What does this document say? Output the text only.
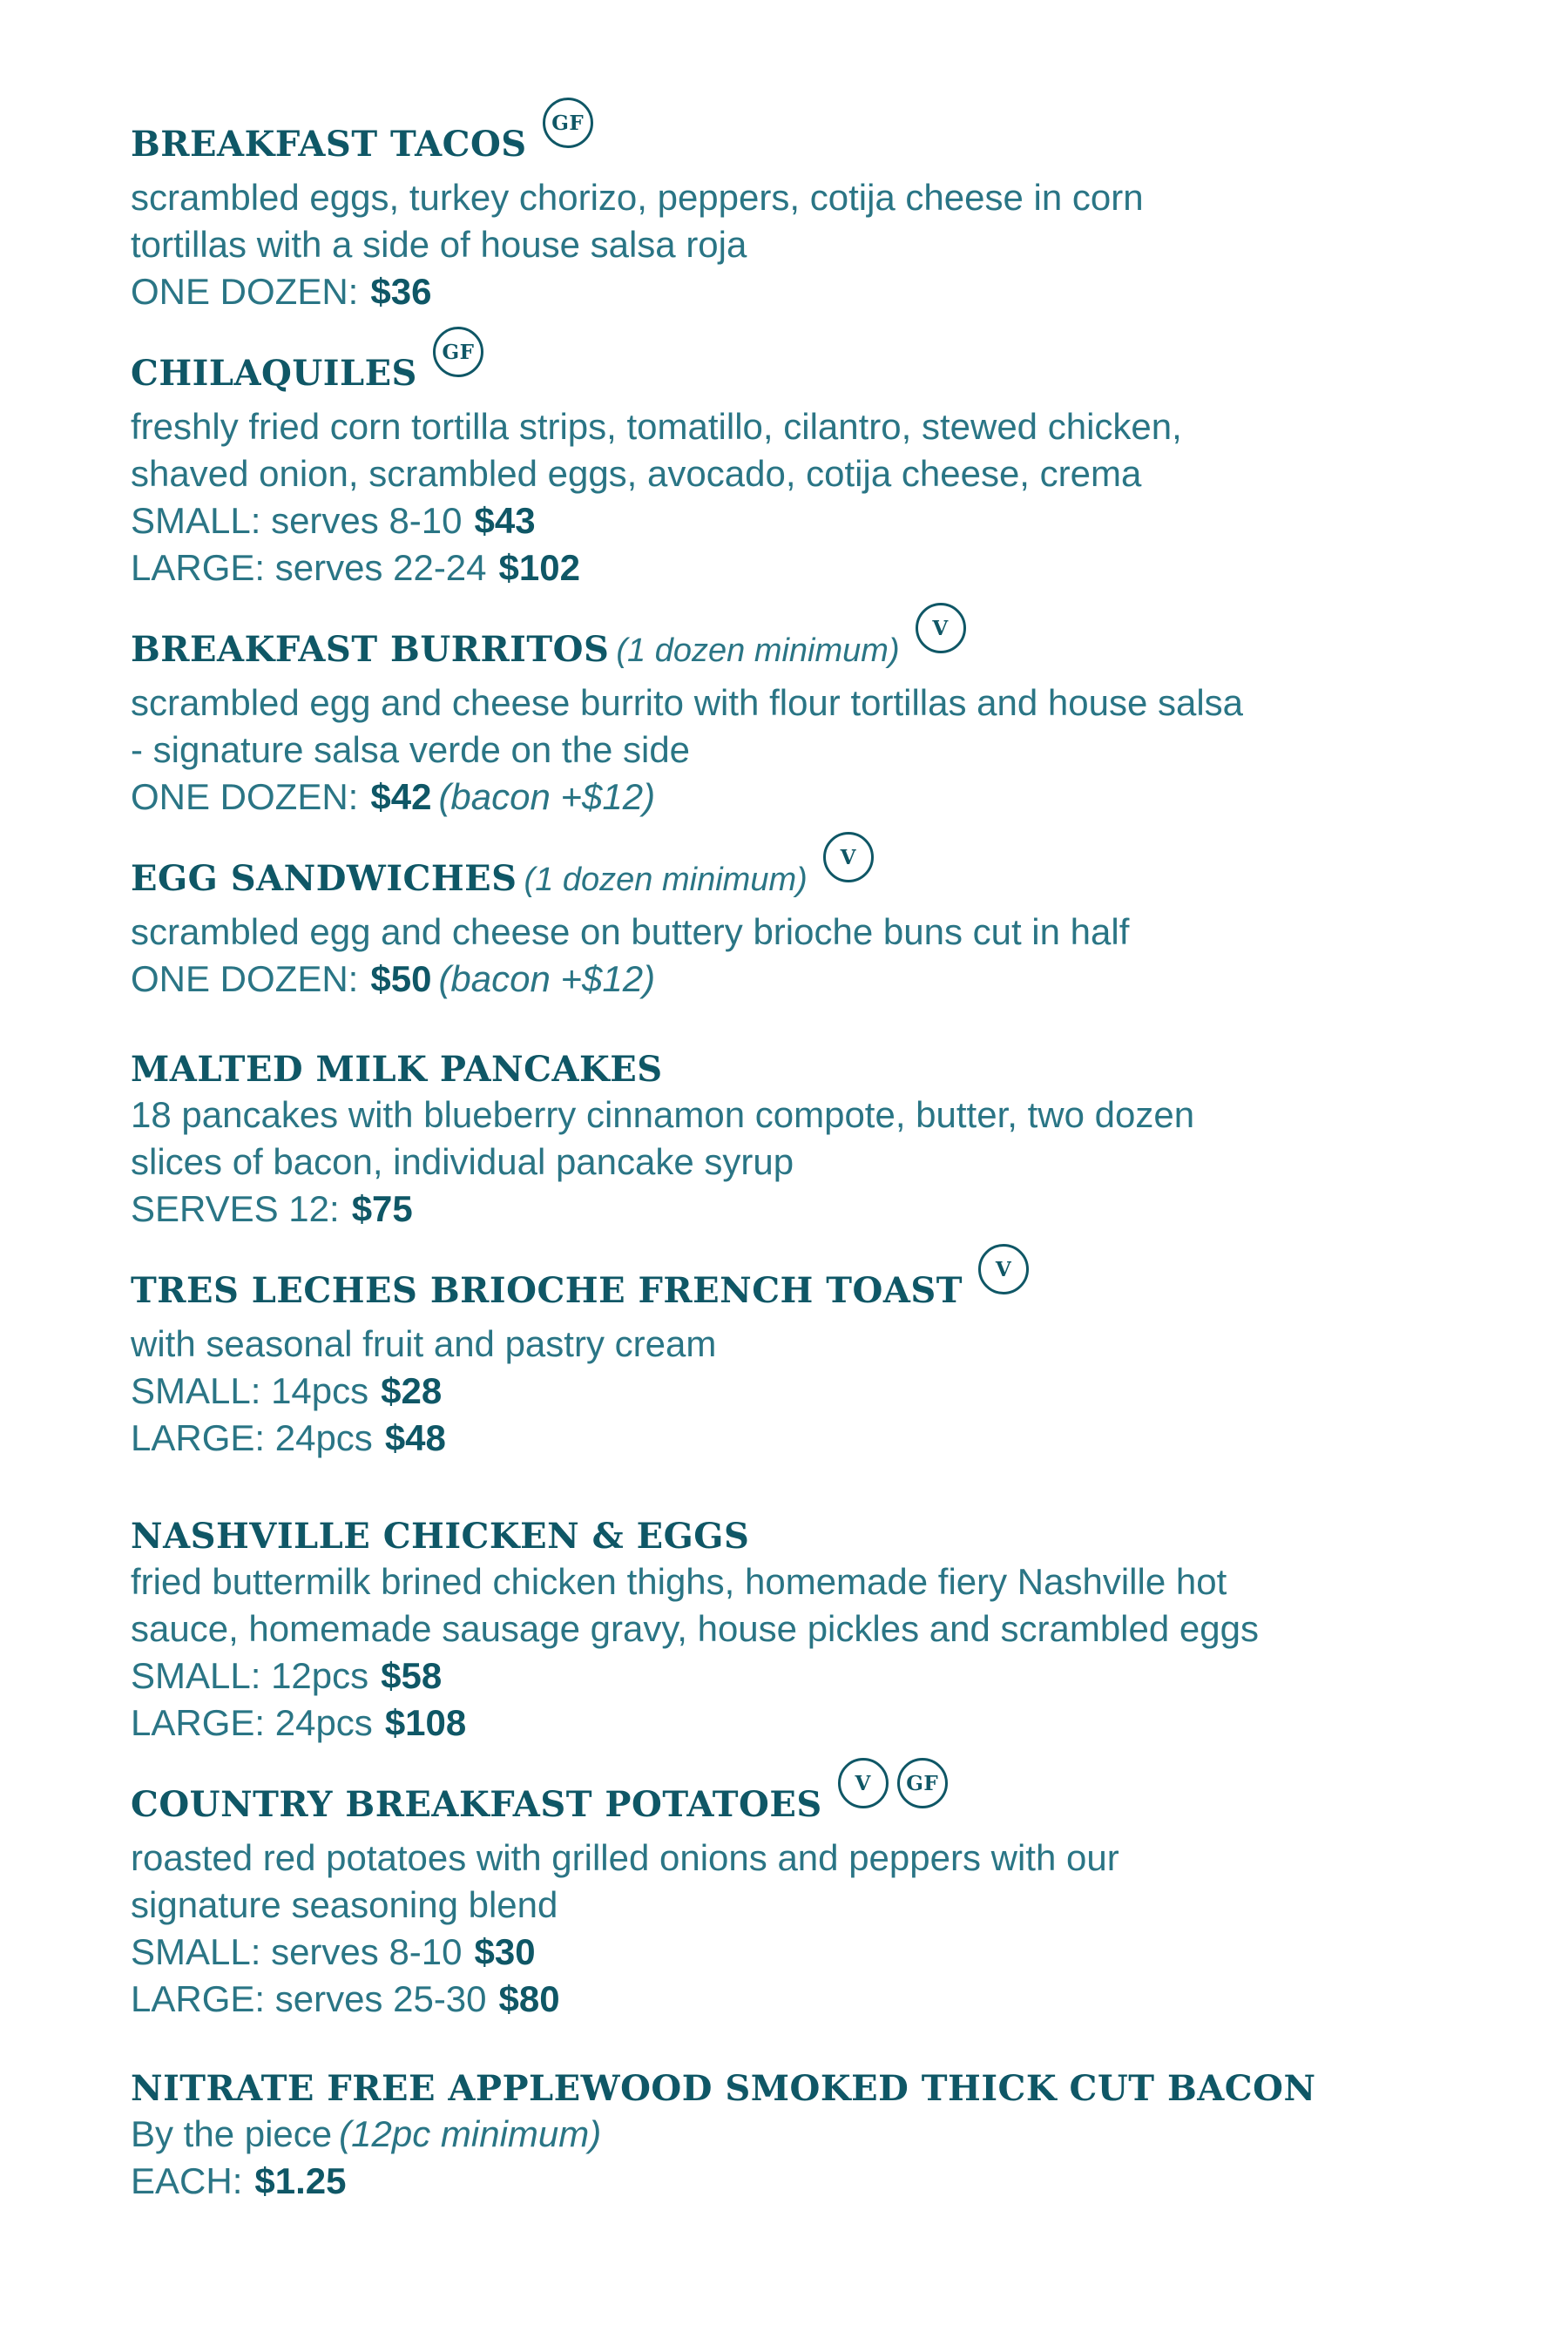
BREAKFAST TACOS
GF
scrambled eggs, turkey chorizo, peppers, cotija cheese in corn
tortillas with a side of house salsa roja
ONE DOZEN: $36
CHILAQUILES
GF
freshly fried corn tortilla strips, tomatillo, cilantro, stewed chicken,
shaved onion, scrambled eggs, avocado, cotija cheese, crema
SMALL: serves 8-10 $43
LARGE: serves 22-24 $102
BREAKFAST BURRITOS (1 dozen minimum)
V
scrambled egg and cheese burrito with flour tortillas and house salsa
- signature salsa verde on the side
ONE DOZEN: $42 (bacon +$12)
EGG SANDWICHES (1 dozen minimum)
V
scrambled egg and cheese on buttery brioche buns cut in half
ONE DOZEN: $50 (bacon +$12)
MALTED MILK PANCAKES
18 pancakes with blueberry cinnamon compote, butter, two dozen
slices of bacon, individual pancake syrup
SERVES 12: $75
TRES LECHES BRIOCHE FRENCH TOAST
V
with seasonal fruit and pastry cream
SMALL: 14pcs $28
LARGE: 24pcs $48
NASHVILLE CHICKEN & EGGS
fried buttermilk brined chicken thighs, homemade fiery Nashville hot
sauce, homemade sausage gravy, house pickles and scrambled eggs
SMALL: 12pcs $58
LARGE: 24pcs $108
COUNTRY BREAKFAST POTATOES
V	GF
roasted red potatoes with grilled onions and peppers with our
signature seasoning blend
SMALL: serves 8-10 $30
LARGE: serves 25-30 $80
NITRATE FREE APPLEWOOD SMOKED THICK CUT BACON
By the piece (12pc minimum)
EACH: $1.25
